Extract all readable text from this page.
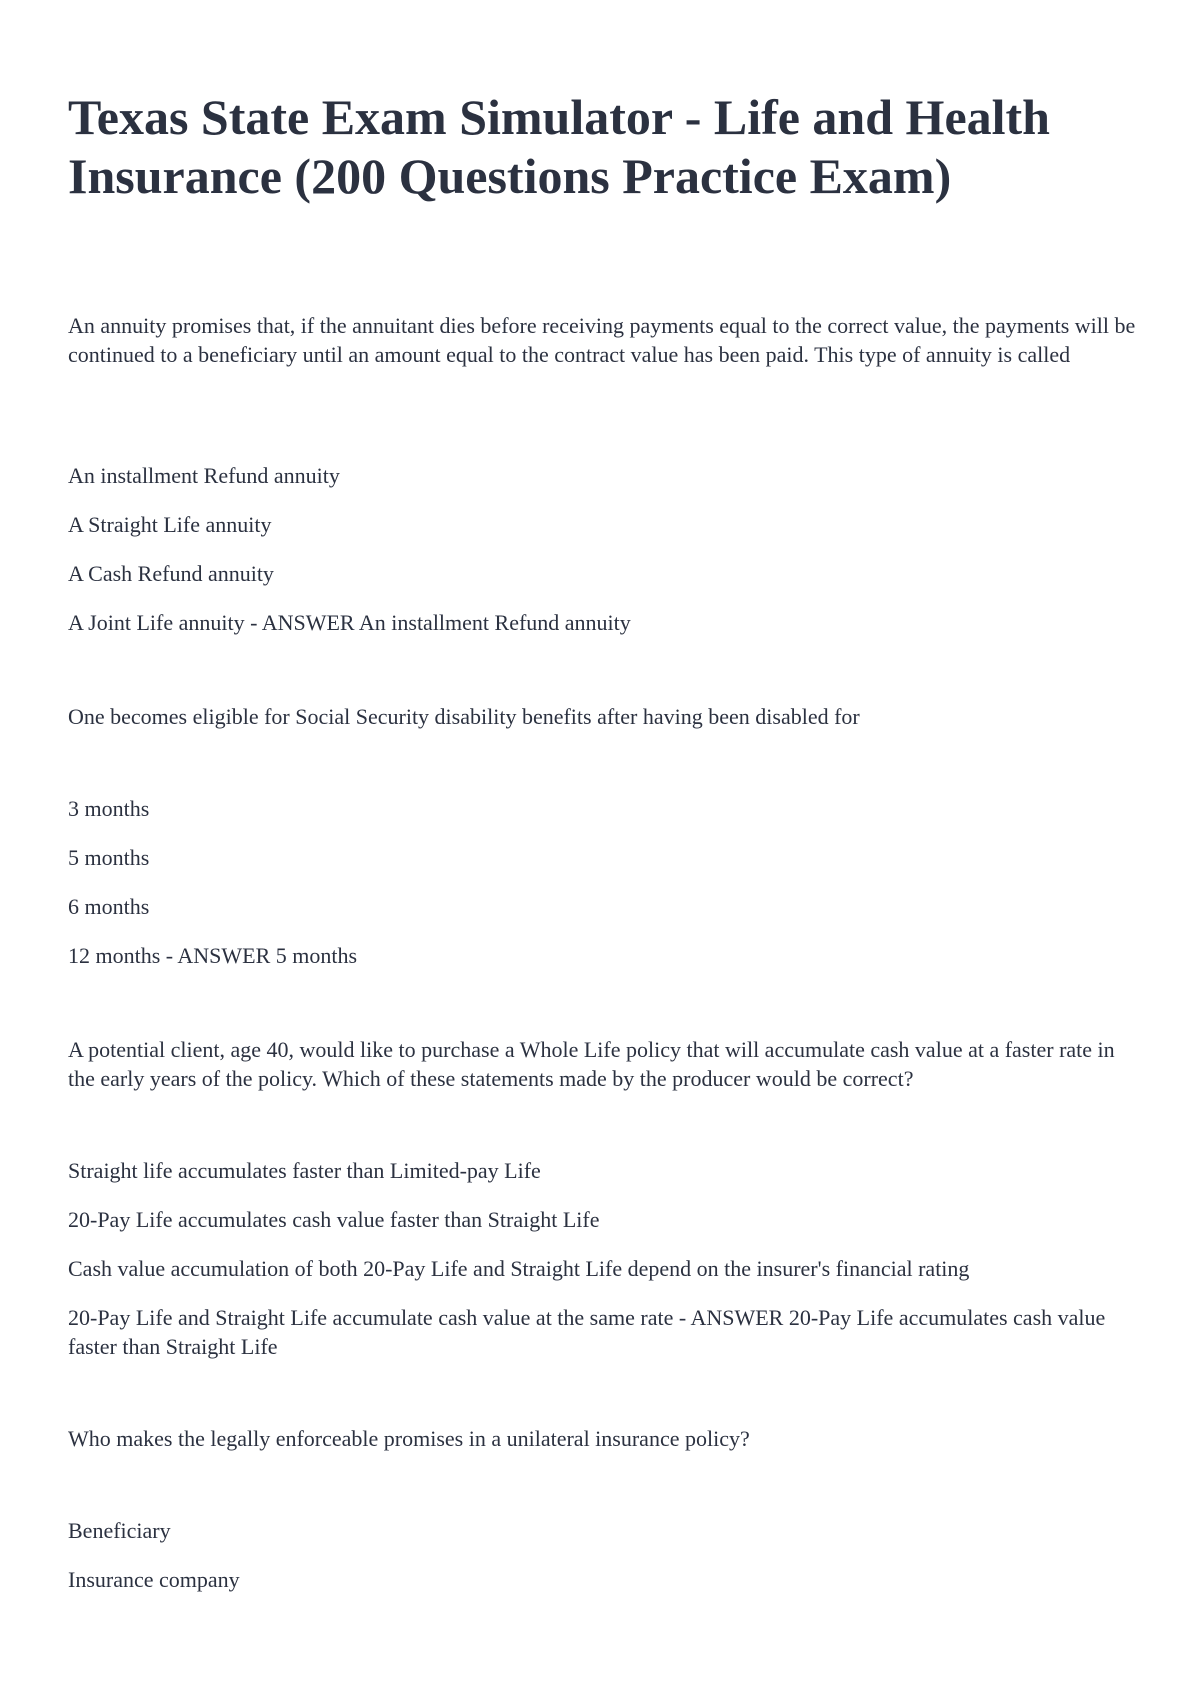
Texas State Exam Simulator - Life and Health Insurance (200 Questions Practice Exam)

An annuity promises that, if the annuitant dies before receiving payments equal to the correct value, the payments will be continued to a beneficiary until an amount equal to the contract value has been paid. This type of annuity is called

An installment Refund annuity

A Straight Life annuity

A Cash Refund annuity

A Joint Life annuity - ANSWER An installment Refund annuity

One becomes eligible for Social Security disability benefits after having been disabled for

3 months

5 months

6 months

12 months - ANSWER 5 months

A potential client, age 40, would like to purchase a Whole Life policy that will accumulate cash value at a faster rate in the early years of the policy. Which of these statements made by the producer would be correct?

Straight life accumulates faster than Limited-pay Life

20-Pay Life accumulates cash value faster than Straight Life

Cash value accumulation of both 20-Pay Life and Straight Life depend on the insurer's financial rating

20-Pay Life and Straight Life accumulate cash value at the same rate - ANSWER 20-Pay Life accumulates cash value faster than Straight Life

Who makes the legally enforceable promises in a unilateral insurance policy?

Beneficiary

Insurance company
